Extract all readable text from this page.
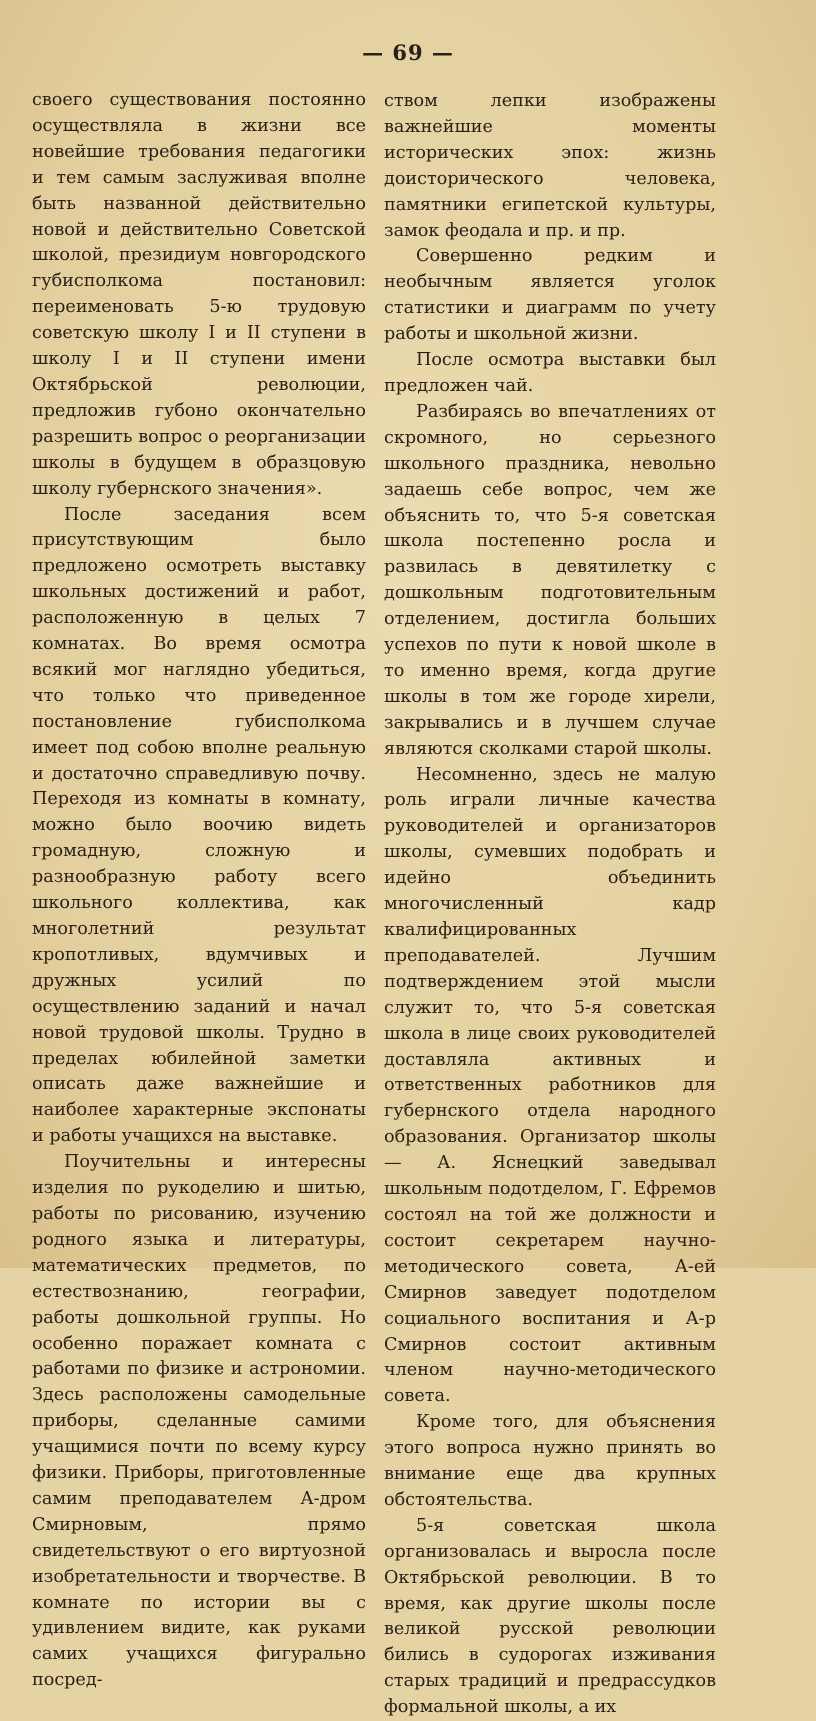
— 69 —

своего существования постоянно осуществляла в жизни все новейшие требования педагогики и тем самым заслуживая вполне быть названной действительно новой и действительно Советской школой, президиум новгородского губисполкома постановил: переименовать 5-ю трудовую советскую школу I и II ступени в школу I и II ступени имени Октябрьской революции, предложив губоно окончательно разрешить вопрос о реорганизации школы в будущем в образцовую школу губернского значения».

После заседания всем присутствующим было предложено осмотреть выставку школьных достижений и работ, расположенную в целых 7 комнатах. Во время осмотра всякий мог наглядно убедиться, что только что приведенное постановление губисполкома имеет под собою вполне реальную и достаточно справедливую почву. Переходя из комнаты в комнату, можно было воочию видеть громадную, сложную и разнообразную работу всего школьного коллектива, как многолетний результат кропотливых, вдумчивых и дружных усилий по осуществлению заданий и начал новой трудовой школы. Трудно в пределах юбилейной заметки описать даже важнейшие и наиболее характерные экспонаты и работы учащихся на выставке.

Поучительны и интересны изделия по рукоделию и шитью, работы по рисованию, изучению родного языка и литературы, математических предметов, по естествознанию, географии, работы дошкольной группы. Но особенно поражает комната с работами по физике и астрономии. Здесь расположены самодельные приборы, сделанные самими учащимися почти по всему курсу физики. Приборы, приготовленные самим преподавателем А-дром Смирновым, прямо свидетельствуют о его виртуозной изобретательности и творчестве. В комнате по истории вы с удивлением видите, как руками самих учащихся фигурально посред-

ством лепки изображены важнейшие моменты исторических эпох: жизнь доисторического человека, памятники египетской культуры, замок феодала и пр. и пр.

Совершенно редким и необычным является уголок статистики и диаграмм по учету работы и школьной жизни.

После осмотра выставки был предложен чай.

Разбираясь во впечатлениях от скромного, но серьезного школьного праздника, невольно задаешь себе вопрос, чем же объяснить то, что 5-я советская школа постепенно росла и развилась в девятилетку с дошкольным подготовительным отделением, достигла больших успехов по пути к новой школе в то именно время, когда другие школы в том же городе хирели, закрывались и в лучшем случае являются сколками старой школы.

Несомненно, здесь не малую роль играли личные качества руководителей и организаторов школы, сумевших подобрать и идейно объединить многочисленный кадр квалифицированных преподавателей. Лучшим подтверждением этой мысли служит то, что 5-я советская школа в лице своих руководителей доставляла активных и ответственных работников для губернского отдела народного образования. Организатор школы— А. Яснецкий заведывал школьным подотделом, Г. Ефремов состоял на той же должности и состоит секретарем научно-методического совета, А-ей Смирнов заведует подотделом социального воспитания и А-р Смирнов состоит активным членом научно-методического совета.

Кроме того, для объяснения этого вопроса нужно принять во внимание еще два крупных обстоятельства.

5-я советская школа организовалась и выросла после Октябрьской революции. В то время, как другие школы после великой русской революции бились в судорогах изживания старых традиций и предрассудков формальной школы, а их
